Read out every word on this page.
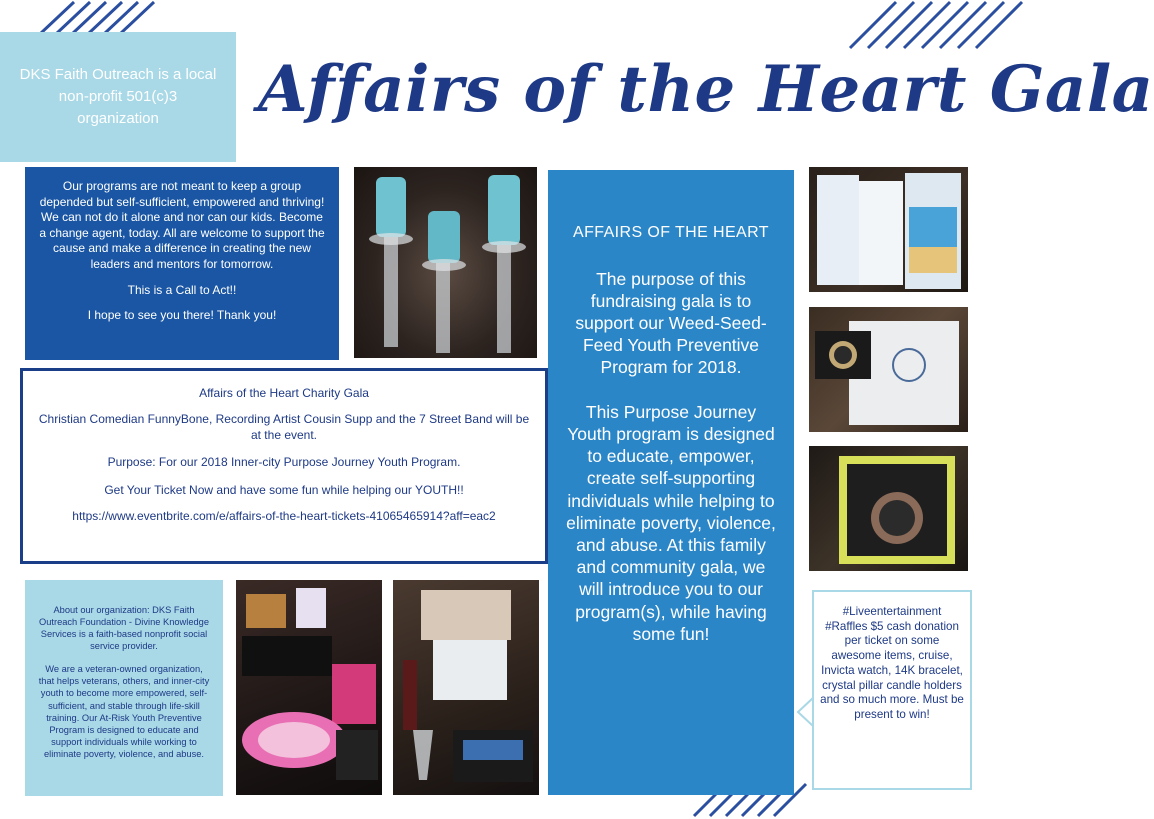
DKS Faith Outreach is a local non-profit 501(c)3 organization	Affairs of the Heart Gala

Our programs are not meant to keep a group depended but self-sufficient, empowered and thriving! We can not do it alone and nor can our kids. Become a change agent, today. All are welcome to support the cause and make a difference in creating the new leaders and mentors for tomorrow.

This is a Call to Act!!

I hope to see you there! Thank you!

Affairs of the Heart Charity Gala

Christian Comedian FunnyBone, Recording Artist Cousin Supp and the 7 Street Band will be at the event.

Purpose: For our 2018 Inner-city Purpose Journey Youth Program.

Get Your Ticket Now and have some fun while helping our YOUTH!!

https://www.eventbrite.com/e/affairs-of-the-heart-tickets-41065465914?aff=eac2

AFFAIRS OF THE HEART
The purpose of this fundraising gala is to support our Weed-Seed-Feed Youth Preventive Program for 2018.
This Purpose Journey Youth program is designed to educate, empower, create self-supporting individuals while helping to eliminate poverty, violence, and abuse. At this family and community gala, we will introduce you to our program(s), while having some fun!

About our organization: DKS Faith Outreach Foundation - Divine Knowledge Services is a faith-based nonprofit social service provider.

We are a veteran-owned organization, that helps veterans, others, and inner-city youth to become more empowered, self-sufficient, and stable through life-skill training. Our At-Risk Youth Preventive Program is designed to educate and support individuals while working to eliminate poverty, violence, and abuse.

#Liveentertainment #Raffles $5 cash donation per ticket on some awesome items, cruise, Invicta watch, 14K bracelet, crystal pillar candle holders and so much more. Must be present to win!
